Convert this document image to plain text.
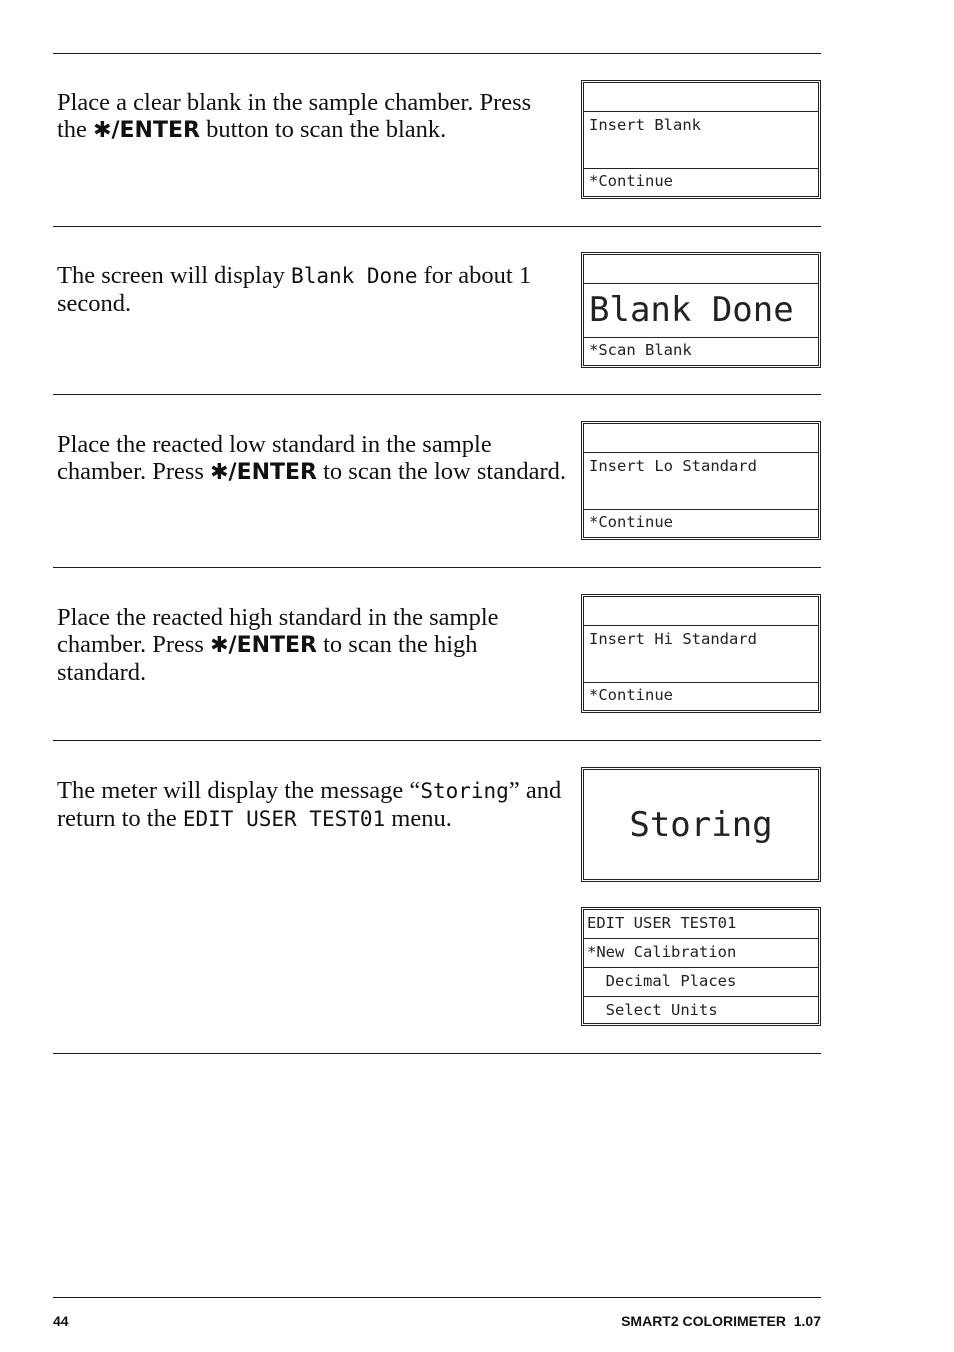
Place a clear blank in the sample chamber. Press the ✱/ENTER button to scan the blank.	Insert Blank
*Continue

The screen will display Blank Done for about 1 second.	Blank Done
*Scan Blank

Place the reacted low standard in the sample chamber. Press ✱/ENTER to scan the low standard.	Insert Lo Standard
*Continue

Place the reacted high standard in the sample chamber. Press ✱/ENTER to scan the high standard.

Insert Hi Standard
*Continue

The meter will display the message “Storing” and return to the EDIT USER TEST01 menu.	Storing
EDIT USER TEST01
*New Calibration
Decimal Places
Select Units
44	SMART2 COLORIMETER  1.07
